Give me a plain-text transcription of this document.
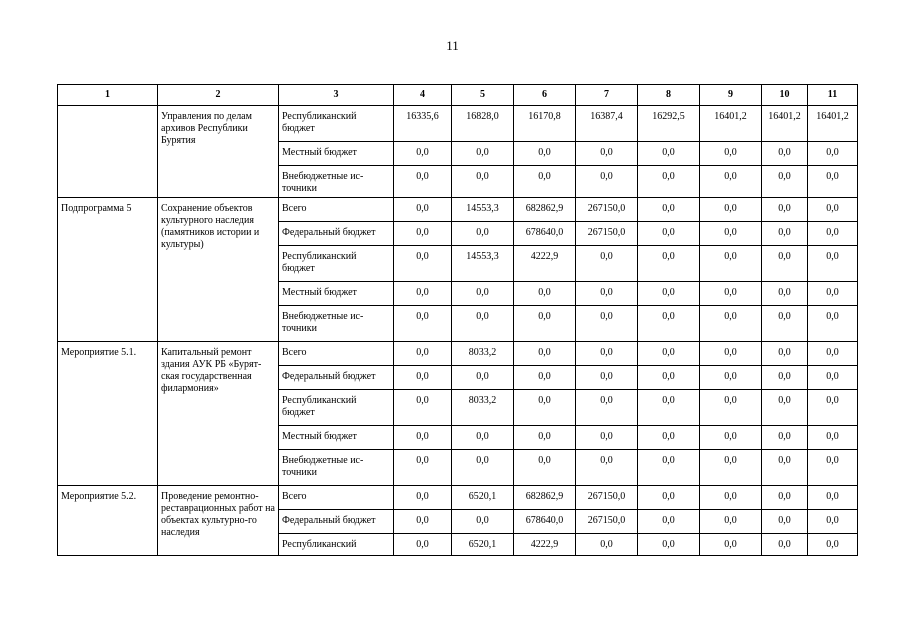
11
1	2	3	4	5	6	7	8	9	10	11
	Управления по делам архивов Республики Бурятия	Республиканский бюджет	16335,6	16828,0	16170,8	16387,4	16292,5	16401,2	16401,2	16401,2
		Местный бюджет	0,0	0,0	0,0	0,0	0,0	0,0	0,0	0,0
		Внебюджетные ис-точники	0,0	0,0	0,0	0,0	0,0	0,0	0,0	0,0
Подпрограмма 5	Сохранение объектов культурного наследия (памятников истории и культуры)	Всего	0,0	14553,3	682862,9	267150,0	0,0	0,0	0,0	0,0
		Федеральный бюджет	0,0	0,0	678640,0	267150,0	0,0	0,0	0,0	0,0
		Республиканский бюджет	0,0	14553,3	4222,9	0,0	0,0	0,0	0,0	0,0
		Местный бюджет	0,0	0,0	0,0	0,0	0,0	0,0	0,0	0,0
		Внебюджетные ис-точники	0,0	0,0	0,0	0,0	0,0	0,0	0,0	0,0
Мероприятие 5.1.	Капитальный ремонт здания АУК РБ «Бурят-ская государственная филармония»	Всего	0,0	8033,2	0,0	0,0	0,0	0,0	0,0	0,0
		Федеральный бюджет	0,0	0,0	0,0	0,0	0,0	0,0	0,0	0,0
		Республиканский бюджет	0,0	8033,2	0,0	0,0	0,0	0,0	0,0	0,0
		Местный бюджет	0,0	0,0	0,0	0,0	0,0	0,0	0,0	0,0
		Внебюджетные ис-точники	0,0	0,0	0,0	0,0	0,0	0,0	0,0	0,0
Мероприятие 5.2.	Проведение ремонтно-реставрационных работ на объектах культурно-го наследия	Всего	0,0	6520,1	682862,9	267150,0	0,0	0,0	0,0	0,0
		Федеральный бюджет	0,0	0,0	678640,0	267150,0	0,0	0,0	0,0	0,0
		Республиканский	0,0	6520,1	4222,9	0,0	0,0	0,0	0,0	0,0
